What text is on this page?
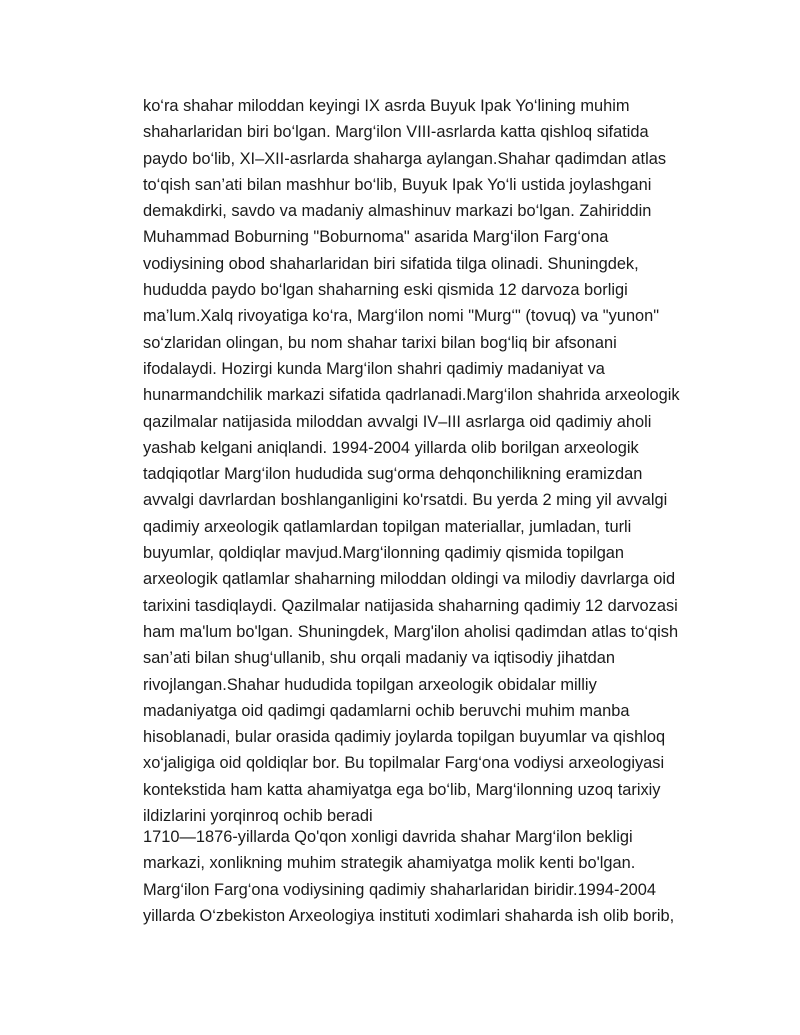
ko‘ra shahar miloddan keyingi IX asrda Buyuk Ipak Yo‘lining muhim
shaharlaridan biri bo‘lgan. Marg‘ilon VIII-asrlarda katta qishloq sifatida
paydo bo‘lib, XI–XII-asrlarda shaharga aylangan.Shahar qadimdan atlas
to‘qish san’ati bilan mashhur bo‘lib, Buyuk Ipak Yo‘li ustida joylashgani
demakdirki, savdo va madaniy almashinuv markazi bo‘lgan. Zahiriddin
Muhammad Boburning "Boburnoma" asarida Marg‘ilon Farg‘ona
vodiysining obod shaharlaridan biri sifatida tilga olinadi. Shuningdek,
hududda paydo bo‘lgan shaharning eski qismida 12 darvoza borligi
ma’lum.Xalq rivoyatiga ko‘ra, Marg‘ilon nomi "Murg‘" (tovuq) va "yunon"
so‘zlaridan olingan, bu nom shahar tarixi bilan bog‘liq bir afsonani
ifodalaydi. Hozirgi kunda Marg‘ilon shahri qadimiy madaniyat va
hunarmandchilik markazi sifatida qadrlanadi.Marg‘ilon shahrida arxeologik
qazilmalar natijasida miloddan avvalgi IV–III asrlarga oid qadimiy aholi
yashab kelgani aniqlandi. 1994-2004 yillarda olib borilgan arxeologik
tadqiqotlar Marg‘ilon hududida sug‘orma dehqonchilikning eramizdan
avvalgi davrlardan boshlanganligini ko'rsatdi. Bu yerda 2 ming yil avvalgi
qadimiy arxeologik qatlamlardan topilgan materiallar, jumladan, turli
buyumlar, qoldiqlar mavjud.Marg‘ilonning qadimiy qismida topilgan
arxeologik qatlamlar shaharning miloddan oldingi va milodiy davrlarga oid
tarixini tasdiqlaydi. Qazilmalar natijasida shaharning qadimiy 12 darvozasi
ham ma'lum bo'lgan. Shuningdek, Marg'ilon aholisi qadimdan atlas to‘qish
san’ati bilan shug‘ullanib, shu orqali madaniy va iqtisodiy jihatdan
rivojlangan.Shahar hududida topilgan arxeologik obidalar milliy
madaniyatga oid qadimgi qadamlarni ochib beruvchi muhim manba
hisoblanadi, bular orasida qadimiy joylarda topilgan buyumlar va qishloq
xo‘jaligiga oid qoldiqlar bor. Bu topilmalar Farg‘ona vodiysi arxeologiyasi
kontekstida ham katta ahamiyatga ega bo‘lib, Marg‘ilonning uzoq tarixiy
ildizlarini yorqinroq ochib beradi
1710—1876-yillarda Qo'qon xonligi davrida shahar Marg‘ilon bekligi
markazi, xonlikning muhim strategik ahamiyatga molik kenti bo'lgan.
Marg‘ilon Farg‘ona vodiysining qadimiy shaharlaridan biridir.1994-2004
yillarda O‘zbekiston Arxeologiya instituti xodimlari shaharda ish olib borib,
